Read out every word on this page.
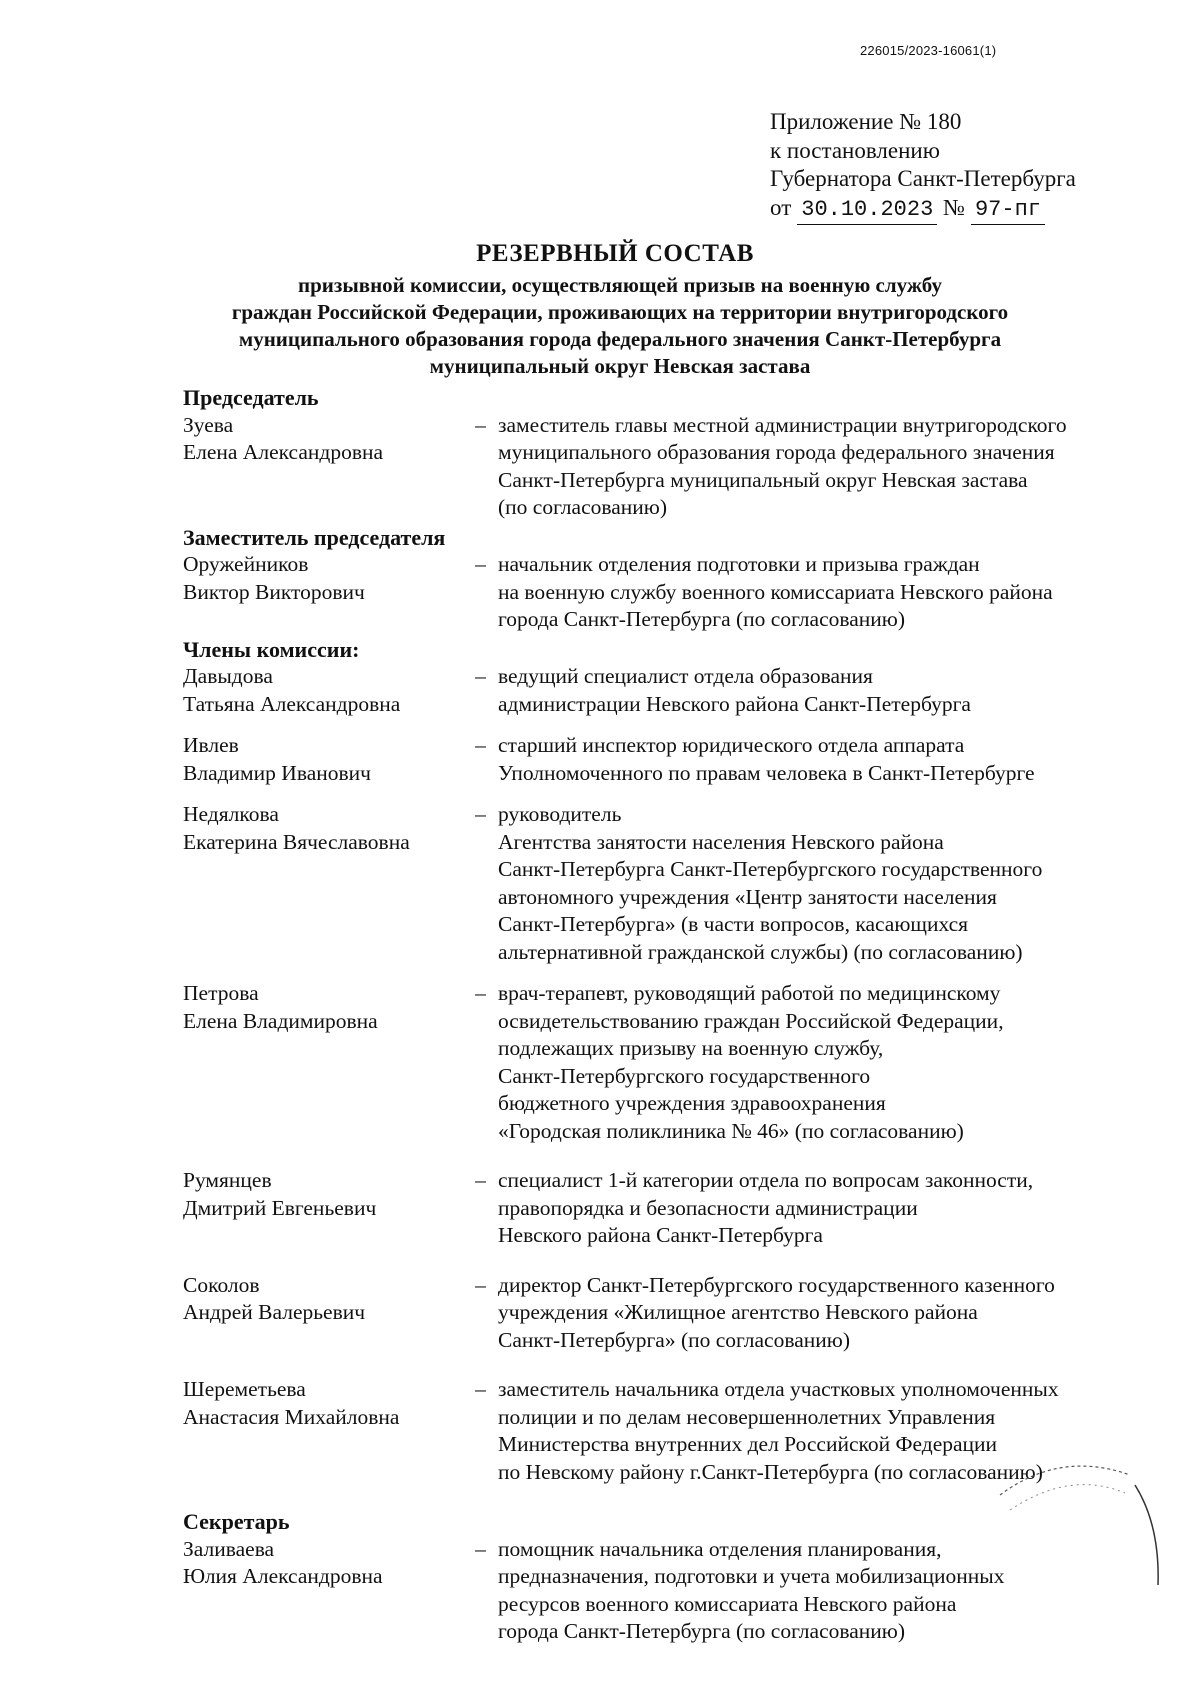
226015/2023-16061(1)
Приложение № 180
к постановлению
Губернатора Санкт-Петербурга
от 30.10.2023 № 97-пг
РЕЗЕРВНЫЙ СОСТАВ
призывной комиссии, осуществляющей призыв на военную службу
граждан Российской Федерации, проживающих на территории внутригородского
муниципального образования города федерального значения Санкт-Петербурга
муниципальный округ Невская застава
Председатель
Зуева
Елена Александровна
– заместитель главы местной администрации внутригородского
муниципального образования города федерального значения
Санкт-Петербурга муниципальный округ Невская застава
(по согласованию)
Заместитель председателя
Оружейников
Виктор Викторович
– начальник отделения подготовки и призыва граждан
на военную службу военного комиссариата Невского района
города Санкт-Петербурга (по согласованию)
Члены комиссии:
Давыдова
Татьяна Александровна
– ведущий специалист отдела образования
администрации Невского района Санкт-Петербурга
Ивлев
Владимир Иванович
– старший инспектор юридического отдела аппарата
Уполномоченного по правам человека в Санкт-Петербурге
Недялкова
Екатерина Вячеславовна
– руководитель
Агентства занятости населения Невского района
Санкт-Петербурга Санкт-Петербургского государственного
автономного учреждения «Центр занятости населения
Санкт-Петербурга» (в части вопросов, касающихся
альтернативной гражданской службы) (по согласованию)
Петрова
Елена Владимировна
– врач-терапевт, руководящий работой по медицинскому
освидетельствованию граждан Российской Федерации,
подлежащих призыву на военную службу,
Санкт-Петербургского государственного
бюджетного учреждения здравоохранения
«Городская поликлиника № 46» (по согласованию)
Румянцев
Дмитрий Евгеньевич
– специалист 1-й категории отдела по вопросам законности,
правопорядка и безопасности администрации
Невского района Санкт-Петербурга
Соколов
Андрей Валерьевич
– директор Санкт-Петербургского государственного казенного
учреждения «Жилищное агентство Невского района
Санкт-Петербурга» (по согласованию)
Шереметьева
Анастасия Михайловна
– заместитель начальника отдела участковых уполномоченных
полиции и по делам несовершеннолетних Управления
Министерства внутренних дел Российской Федерации
по Невскому району г.Санкт-Петербурга (по согласованию)
Секретарь
Заливаева
Юлия Александровна
– помощник начальника отделения планирования,
предназначения, подготовки и учета мобилизационных
ресурсов военного комиссариата Невского района
города Санкт-Петербурга (по согласованию)
